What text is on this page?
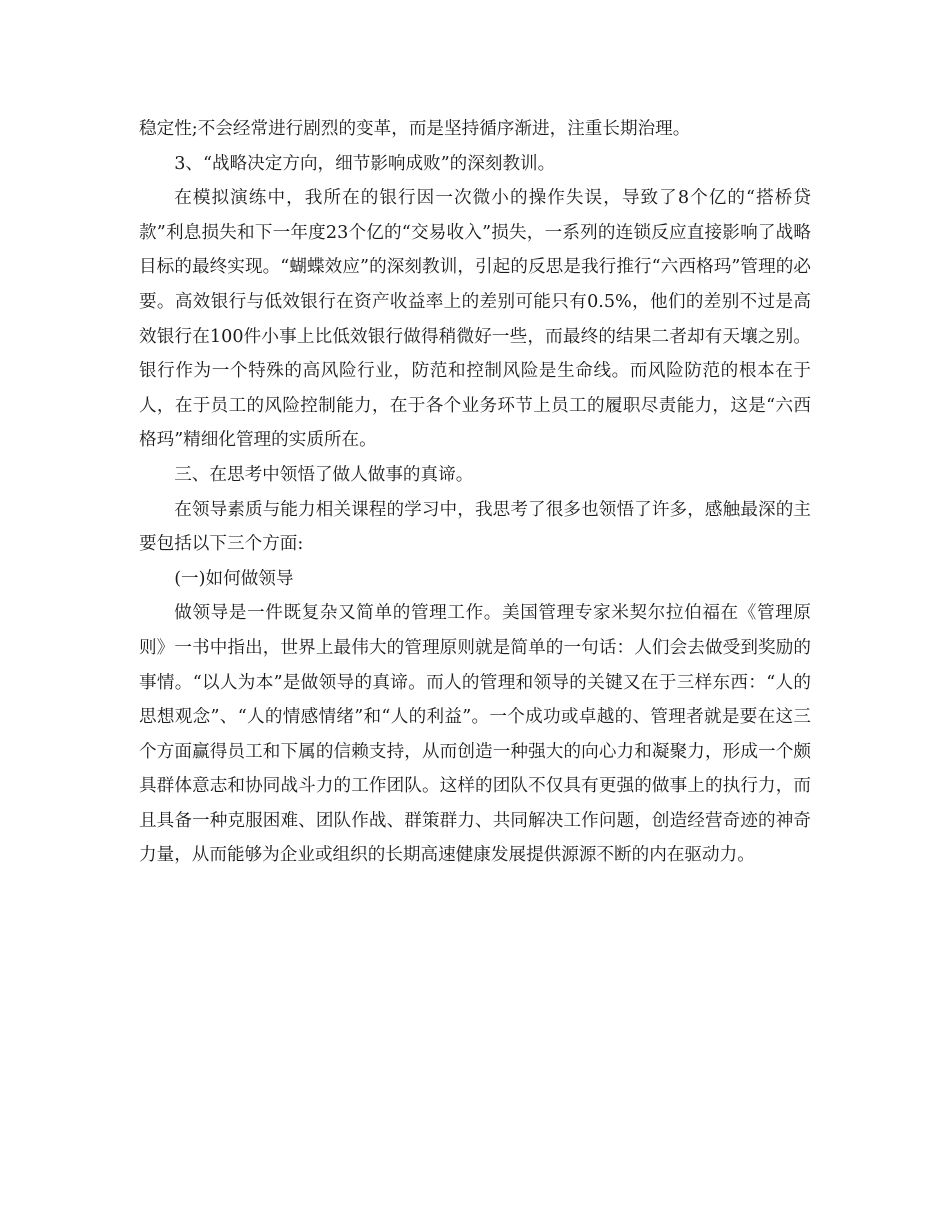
稳定性;不会经常进行剧烈的变革，而是坚持循序渐进，注重长期治理。

3、“战略决定方向，细节影响成败”的深刻教训。

在模拟演练中，我所在的银行因一次微小的操作失误，导致了8个亿的“搭桥贷款”利息损失和下一年度23个亿的“交易收入”损失，一系列的连锁反应直接影响了战略目标的最终实现。“蝴蝶效应”的深刻教训，引起的反思是我行推行“六西格玛”管理的必要。高效银行与低效银行在资产收益率上的差别可能只有0.5%，他们的差别不过是高效银行在100件小事上比低效银行做得稍微好一些，而最终的结果二者却有天壤之别。银行作为一个特殊的高风险行业，防范和控制风险是生命线。而风险防范的根本在于人，在于员工的风险控制能力，在于各个业务环节上员工的履职尽责能力，这是“六西格玛”精细化管理的实质所在。

三、在思考中领悟了做人做事的真谛。

在领导素质与能力相关课程的学习中，我思考了很多也领悟了许多，感触最深的主要包括以下三个方面:

(一)如何做领导

做领导是一件既复杂又简单的管理工作。美国管理专家米契尔拉伯福在《管理原则》一书中指出，世界上最伟大的管理原则就是简单的一句话：人们会去做受到奖励的事情。“以人为本”是做领导的真谛。而人的管理和领导的关键又在于三样东西：“人的思想观念”、“人的情感情绪”和“人的利益”。一个成功或卓越的、管理者就是要在这三个方面赢得员工和下属的信赖支持，从而创造一种强大的向心力和凝聚力，形成一个颇具群体意志和协同战斗力的工作团队。这样的团队不仅具有更强的做事上的执行力，而且具备一种克服困难、团队作战、群策群力、共同解决工作问题，创造经营奇迹的神奇力量，从而能够为企业或组织的长期高速健康发展提供源源不断的内在驱动力。
